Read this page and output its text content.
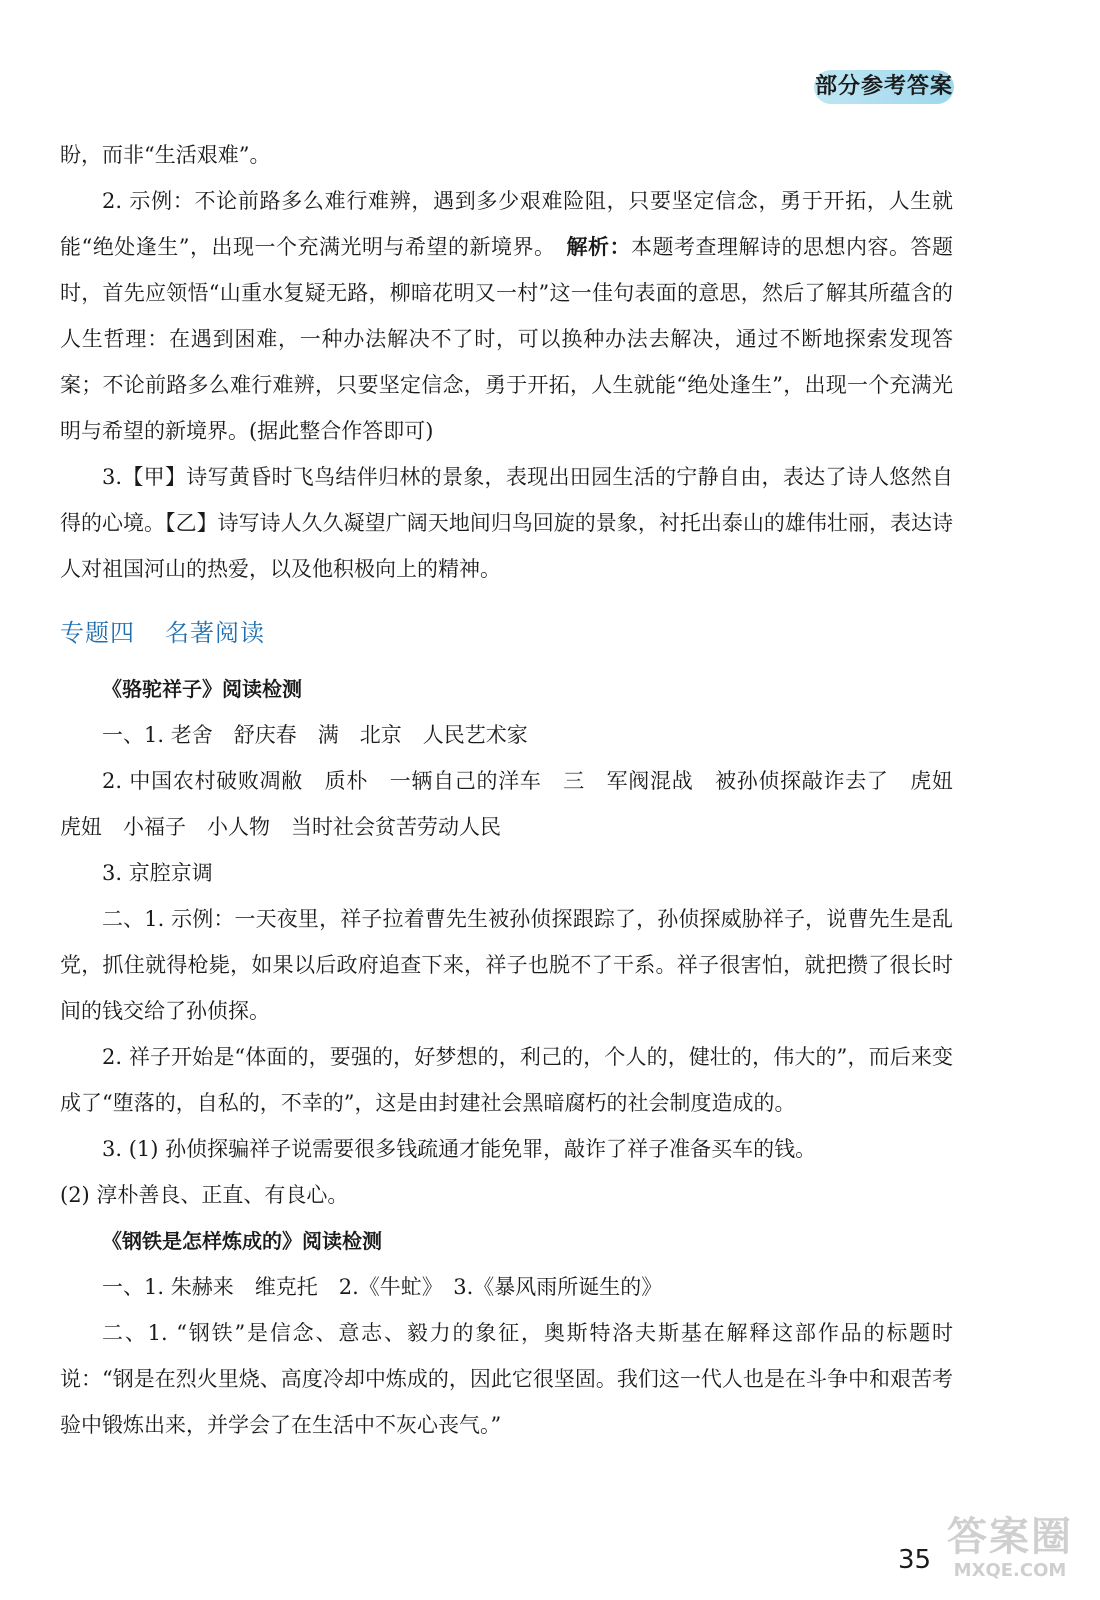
部分参考答案

盼，而非“生活艰难”。

2. 示例：不论前路多么难行难辨，遇到多少艰难险阻，只要坚定信念，勇于开拓，人生就能“绝处逢生”，出现一个充满光明与希望的新境界。　 解析：本题考查理解诗的思想内容。答题时，首先应领悟“山重水复疑无路，柳暗花明又一村”这一佳句表面的意思，然后了解其所蕴含的人生哲理：在遇到困难，一种办法解决不了时，可以换种办法去解决，通过不断地探索发现答案；不论前路多么难行难辨，只要坚定信念，勇于开拓，人生就能“绝处逢生”，出现一个充满光明与希望的新境界。(据此整合作答即可)

3.【甲】诗写黄昏时飞鸟结伴归林的景象，表现出田园生活的宁静自由，表达了诗人悠然自得的心境。【乙】诗写诗人久久凝望广阔天地间归鸟回旋的景象，衬托出泰山的雄伟壮丽，表达诗人对祖国河山的热爱，以及他积极向上的精神。

专题四 名著阅读

《骆驼祥子》阅读检测

一、1. 老舍　舒庆春　满　北京　人民艺术家

2. 中国农村破败凋敝　质朴　一辆自己的洋车　三　军阀混战　被孙侦探敲诈去了　虎妞　虎妞　小福子　小人物　当时社会贫苦劳动人民

3. 京腔京调

二、1. 示例：一天夜里，祥子拉着曹先生被孙侦探跟踪了，孙侦探威胁祥子，说曹先生是乱党，抓住就得枪毙，如果以后政府追查下来，祥子也脱不了干系。祥子很害怕，就把攒了很长时间的钱交给了孙侦探。

2. 祥子开始是“体面的，要强的，好梦想的，利己的，个人的，健壮的，伟大的”，而后来变成了“堕落的，自私的，不幸的”，这是由封建社会黑暗腐朽的社会制度造成的。

3. (1) 孙侦探骗祥子说需要很多钱疏通才能免罪，敲诈了祥子准备买车的钱。

(2) 淳朴善良、正直、有良心。

《钢铁是怎样炼成的》阅读检测

一、1. 朱赫来　维克托　2.《牛虻》　3.《暴风雨所诞生的》

二、1. “钢铁”是信念、意志、毅力的象征，奥斯特洛夫斯基在解释这部作品的标题时说：“钢是在烈火里烧、高度冷却中炼成的，因此它很坚固。我们这一代人也是在斗争中和艰苦考验中锻炼出来，并学会了在生活中不灰心丧气。”

35 答案圈
MXQE.COM
